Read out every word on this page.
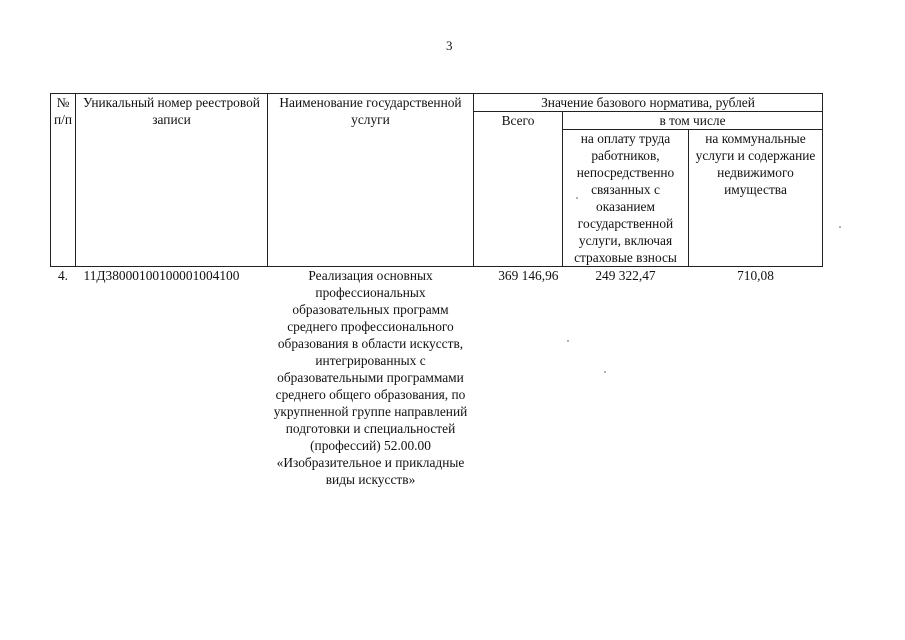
3
№ п/п	Уникальный номер реестровой записи	Наименование государственной услуги	Значение базового норматива, рублей		
			Всего	в том числе	
				на оплату труда работников, непосредственно связанных с оказанием государственной услуги, включая страховые взносы	на коммунальные услуги и содержание недвижимого имущества
4.	11Д38000100100001004100	Реализация основных профессиональных образовательных программ среднего профессионального образования в области искусств, интегрированных с образовательными программами среднего общего образования, по укрупненной группе направлений подготовки и специальностей (профессий) 52.00.00 «Изобразительное и прикладные виды искусств»	369 146,96	249 322,47	710,08
